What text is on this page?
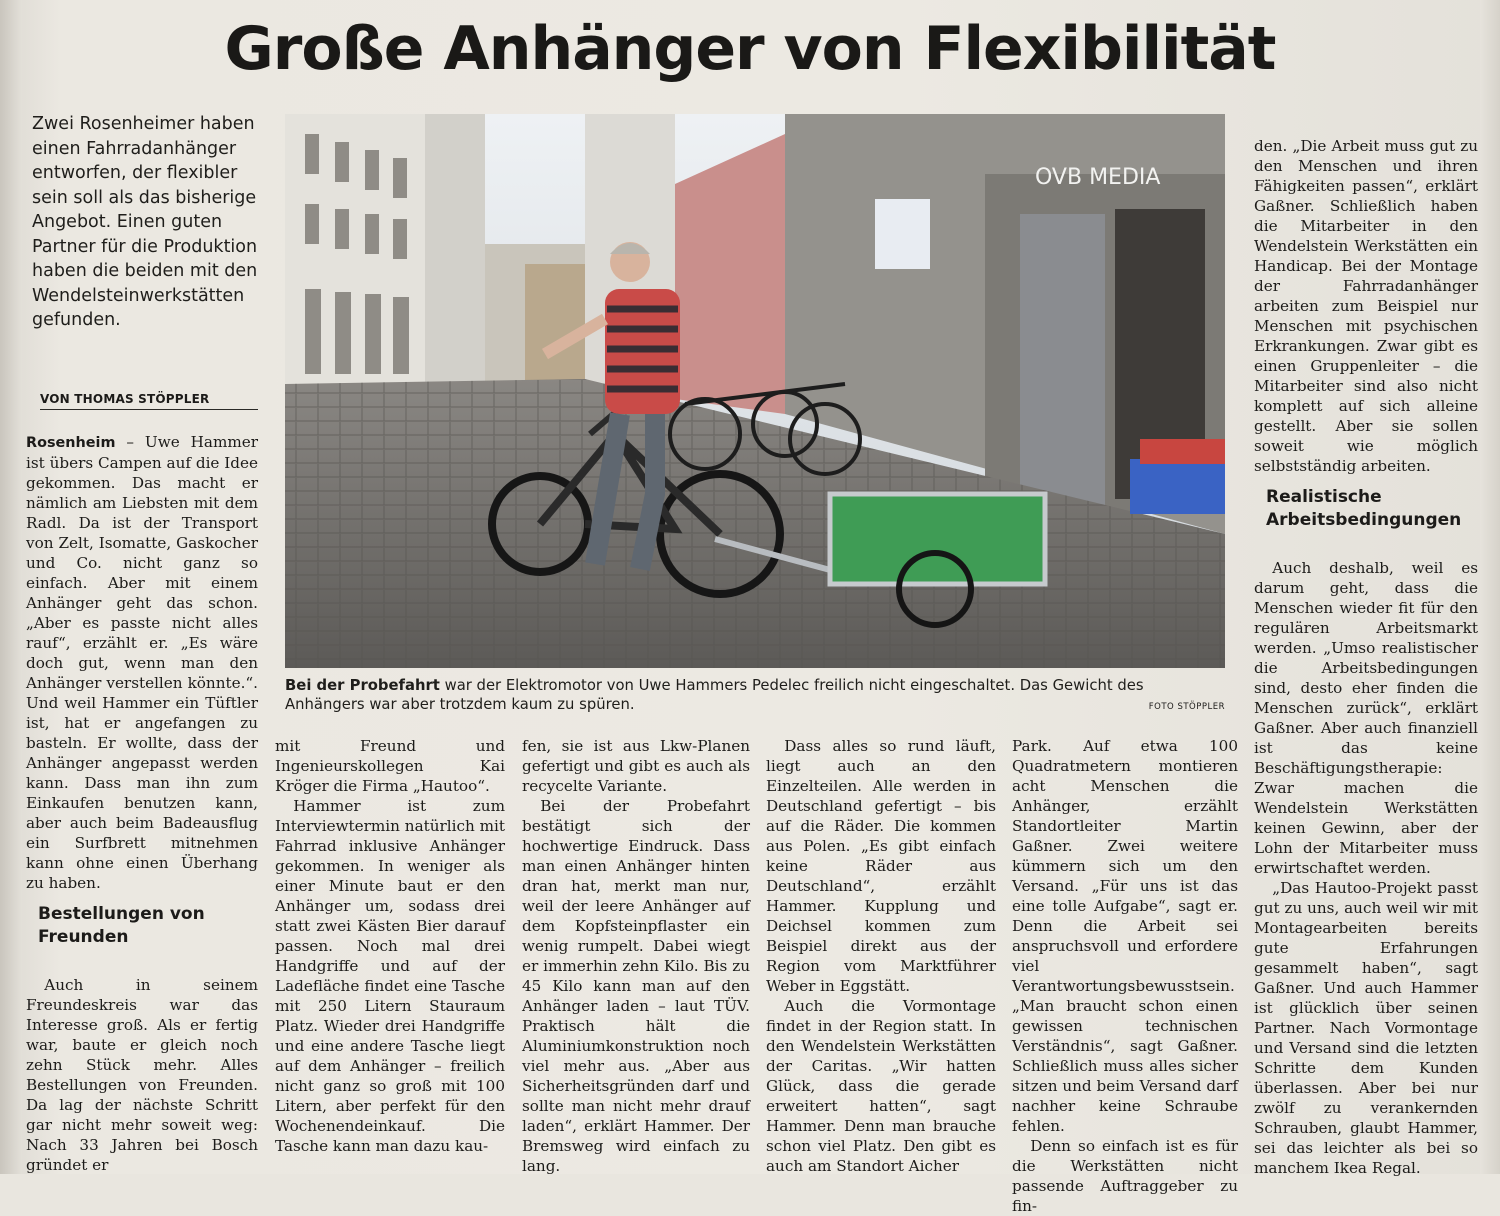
Große Anhänger von Flexibilität
Zwei Rosenheimer haben einen Fahrradanhänger entworfen, der flexibler sein soll als das bisherige Angebot. Einen guten Partner für die Produktion haben die beiden mit den Wendelsteinwerkstätten gefunden.
VON THOMAS STÖPPLER
OVB MEDIA
Bei der Probefahrt war der Elektromotor von Uwe Hammers Pedelec freilich nicht eingeschaltet. Das Gewicht des Anhängers war aber trotzdem kaum zu spüren.	FOTO STÖPPLER

Rosenheim – Uwe Hammer ist übers Campen auf die Idee gekommen. Das macht er nämlich am Liebsten mit dem Radl. Da ist der Transport von Zelt, Isomatte, Gaskocher und Co. nicht ganz so einfach. Aber mit einem Anhänger geht das schon. „Aber es passte nicht alles rauf“, erzählt er. „Es wäre doch gut, wenn man den Anhänger verstellen könnte.“. Und weil Hammer ein Tüftler ist, hat er angefangen zu basteln. Er wollte, dass der Anhänger angepasst werden kann. Dass man ihn zum Einkaufen benutzen kann, aber auch beim Badeausflug ein Surfbrett mitnehmen kann ohne einen Überhang zu haben.

Bestellungen von Freunden

Auch in seinem Freundeskreis war das Interesse groß. Als er fertig war, baute er gleich noch zehn Stück mehr. Alles Bestellungen von Freunden. Da lag der nächste Schritt gar nicht mehr soweit weg: Nach 33 Jahren bei Bosch gründet er

mit Freund und Ingenieurskollegen Kai Kröger die Firma „Hautoo“.

Hammer ist zum Interviewtermin natürlich mit Fahrrad inklusive Anhänger gekommen. In weniger als einer Minute baut er den Anhänger um, sodass drei statt zwei Kästen Bier darauf passen. Noch mal drei Handgriffe und auf der Ladefläche findet eine Tasche mit 250 Litern Stauraum Platz. Wieder drei Handgriffe und eine andere Tasche liegt auf dem Anhänger – freilich nicht ganz so groß mit 100 Litern, aber perfekt für den Wochenendeinkauf. Die Tasche kann man dazu kau-

fen, sie ist aus Lkw-Planen gefertigt und gibt es auch als recycelte Variante.

Bei der Probefahrt bestätigt sich der hochwertige Eindruck. Dass man einen Anhänger hinten dran hat, merkt man nur, weil der leere Anhänger auf dem Kopfsteinpflaster ein wenig rumpelt. Dabei wiegt er immerhin zehn Kilo. Bis zu 45 Kilo kann man auf den Anhänger laden – laut TÜV. Praktisch hält die Aluminiumkonstruktion noch viel mehr aus. „Aber aus Sicherheitsgründen darf und sollte man nicht mehr drauf laden“, erklärt Hammer. Der Bremsweg wird einfach zu lang.

Dass alles so rund läuft, liegt auch an den Einzelteilen. Alle werden in Deutschland gefertigt – bis auf die Räder. Die kommen aus Polen. „Es gibt einfach keine Räder aus Deutschland“, erzählt Hammer. Kupplung und Deichsel kommen zum Beispiel direkt aus der Region vom Marktführer Weber in Eggstätt.

Auch die Vormontage findet in der Region statt. In den Wendelstein Werkstätten der Caritas. „Wir hatten Glück, dass die gerade erweitert hatten“, sagt Hammer. Denn man brauche schon viel Platz. Den gibt es auch am Standort Aicher

Park. Auf etwa 100 Quadratmetern montieren acht Menschen die Anhänger, erzählt Standortleiter Martin Gaßner. Zwei weitere kümmern sich um den Versand. „Für uns ist das eine tolle Aufgabe“, sagt er. Denn die Arbeit sei anspruchsvoll und erfordere viel Verantwortungsbewusstsein. „Man braucht schon einen gewissen technischen Verständnis“, sagt Gaßner. Schließlich muss alles sicher sitzen und beim Versand darf nachher keine Schraube fehlen.

Denn so einfach ist es für die Werkstätten nicht passende Auftraggeber zu fin-

den. „Die Arbeit muss gut zu den Menschen und ihren Fähigkeiten passen“, erklärt Gaßner. Schließlich haben die Mitarbeiter in den Wendelstein Werkstätten ein Handicap. Bei der Montage der Fahrradanhänger arbeiten zum Beispiel nur Menschen mit psychischen Erkrankungen. Zwar gibt es einen Gruppenleiter – die Mitarbeiter sind also nicht komplett auf sich alleine gestellt. Aber sie sollen soweit wie möglich selbstständig arbeiten.

Realistische Arbeitsbedingungen

Auch deshalb, weil es darum geht, dass die Menschen wieder fit für den regulären Arbeitsmarkt werden. „Umso realistischer die Arbeitsbedingungen sind, desto eher finden die Menschen zurück“, erklärt Gaßner. Aber auch finanziell ist das keine Beschäftigungstherapie: Zwar machen die Wendelstein Werkstätten keinen Gewinn, aber der Lohn der Mitarbeiter muss erwirtschaftet werden.

„Das Hautoo-Projekt passt gut zu uns, auch weil wir mit Montagearbeiten bereits gute Erfahrungen gesammelt haben“, sagt Gaßner. Und auch Hammer ist glücklich über seinen Partner. Nach Vormontage und Versand sind die letzten Schritte dem Kunden überlassen. Aber bei nur zwölf zu verankernden Schrauben, glaubt Hammer, sei das leichter als bei so manchem Ikea Regal.
